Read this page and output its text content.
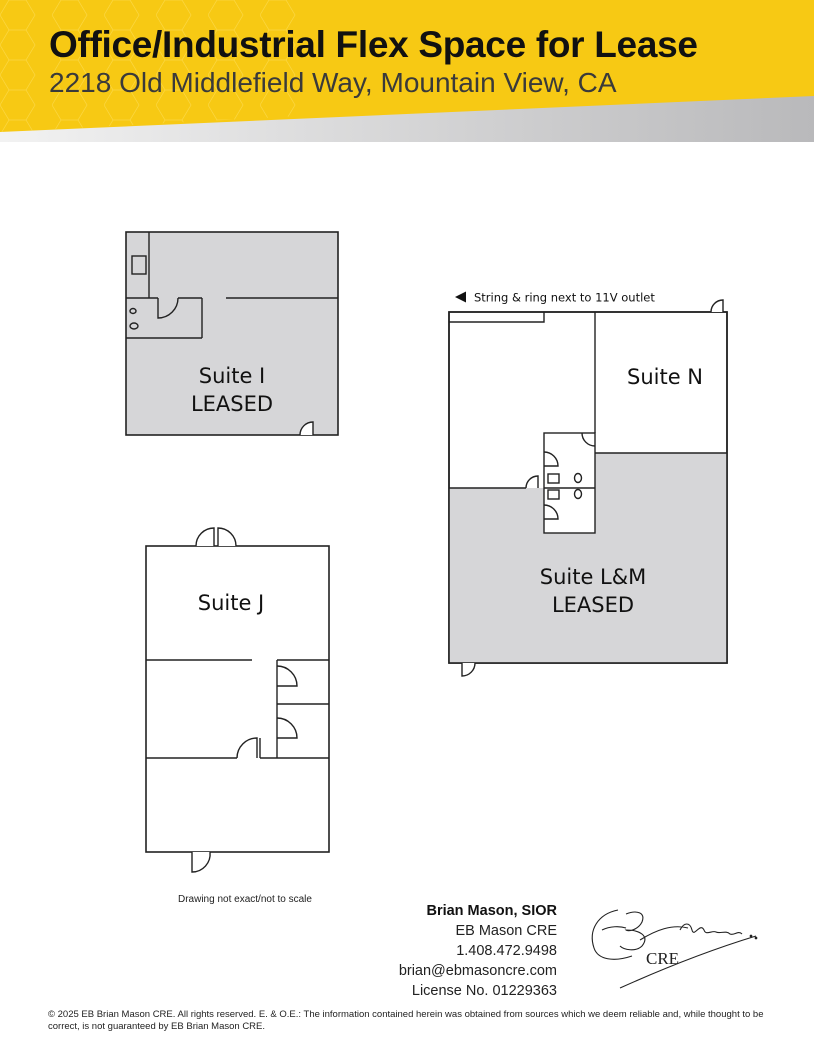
Office/Industrial Flex Space for Lease
2218 Old Middlefield Way, Mountain View, CA
Suite I
LEASED
Suite J
Suite N
Suite L&M
LEASED
String & ring next to 11V outlet
Drawing not exact/not to scale
Brian Mason, SIOR
EB Mason CRE
1.408.472.9498
brian@ebmasoncre.com
License No. 01229363
CRE
© 2025 EB Brian Mason CRE. All rights reserved. E. & O.E.: The information contained herein was obtained from sources which we deem reliable and, while thought to be correct, is not guaranteed by EB Brian Mason CRE.
